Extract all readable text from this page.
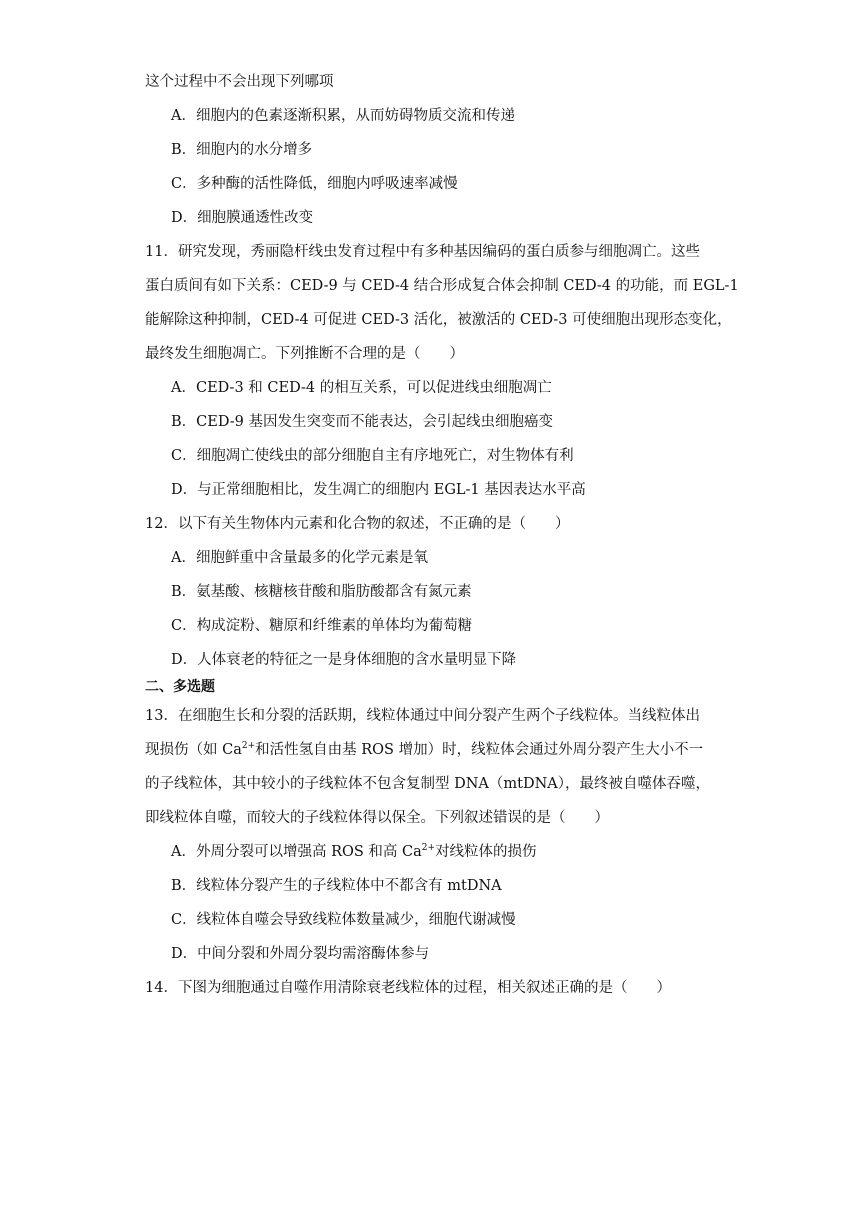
这个过程中不会出现下列哪项
A．细胞内的色素逐渐积累，从而妨碍物质交流和传递
B．细胞内的水分增多
C．多种酶的活性降低，细胞内呼吸速率减慢
D．细胞膜通透性改变
11．研究发现，秀丽隐杆线虫发育过程中有多种基因编码的蛋白质参与细胞凋亡。这些
蛋白质间有如下关系：CED-9 与 CED-4 结合形成复合体会抑制 CED-4 的功能，而 EGL-1
能解除这种抑制，CED-4 可促进 CED-3 活化，被激活的 CED-3 可使细胞出现形态变化，
最终发生细胞凋亡。下列推断不合理的是（　　）
A．CED-3 和 CED-4 的相互关系，可以促进线虫细胞凋亡
B．CED-9 基因发生突变而不能表达，会引起线虫细胞癌变
C．细胞凋亡使线虫的部分细胞自主有序地死亡，对生物体有利
D．与正常细胞相比，发生凋亡的细胞内 EGL-1 基因表达水平高
12．以下有关生物体内元素和化合物的叙述，不正确的是（　　）
A．细胞鲜重中含量最多的化学元素是氧
B．氨基酸、核糖核苷酸和脂肪酸都含有氮元素
C．构成淀粉、糖原和纤维素的单体均为葡萄糖
D．人体衰老的特征之一是身体细胞的含水量明显下降
二、多选题
13．在细胞生长和分裂的活跃期，线粒体通过中间分裂产生两个子线粒体。当线粒体出
现损伤（如 $Ca^{2+}$和活性氢自由基 ROS 增加）时，线粒体会通过外周分裂产生大小不一
的子线粒体，其中较小的子线粒体不包含复制型 DNA（mtDNA），最终被自噬体吞噬，
即线粒体自噬，而较大的子线粒体得以保全。下列叙述错误的是（　　）
A．外周分裂可以增强高 ROS 和高 $Ca^{2+}$对线粒体的损伤
B．线粒体分裂产生的子线粒体中不都含有 mtDNA
C．线粒体自噬会导致线粒体数量减少，细胞代谢减慢
D．中间分裂和外周分裂均需溶酶体参与
14．下图为细胞通过自噬作用清除衰老线粒体的过程，相关叙述正确的是（　　）
